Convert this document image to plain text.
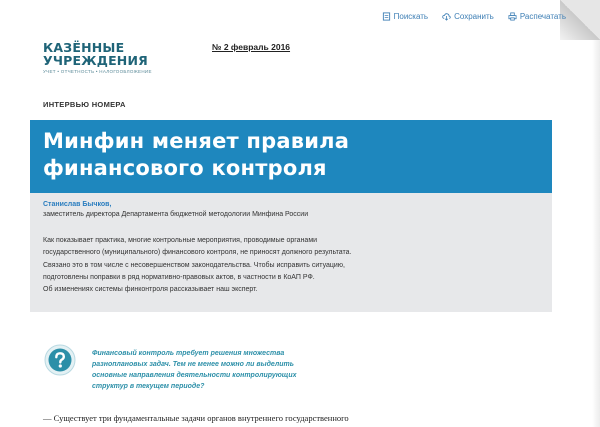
Поискать	Сохранить	Распечатать
КАЗЁННЫЕ
УЧРЕЖДЕНИЯ
УЧЕТ • ОТЧЕТНОСТЬ • НАЛОГООБЛОЖЕНИЕ
№ 2 февраль 2016
ИНТЕРВЬЮ НОМЕРА
Минфин меняет правила
финансового контроля
Станислав Бычков,
заместитель директора Департамента бюджетной методологии Минфина России
Как показывает практика, многие контрольные мероприятия, проводимые органами
государственного (муниципального) финансового контроля, не приносят должного результата.
Связано это в том числе с несовершенством законодательства. Чтобы исправить ситуацию,
подготовлены поправки в ряд нормативно-правовых актов, в частности в КоАП РФ.
Об изменениях системы финконтроля рассказывает наш эксперт.
Финансовый контроль требует решения множества
разноплановых задач. Тем не менее можно ли выделить
основные направления деятельности контролирующих
структур в текущем периоде?
— Существует три фундаментальные задачи органов внутреннего государственного
